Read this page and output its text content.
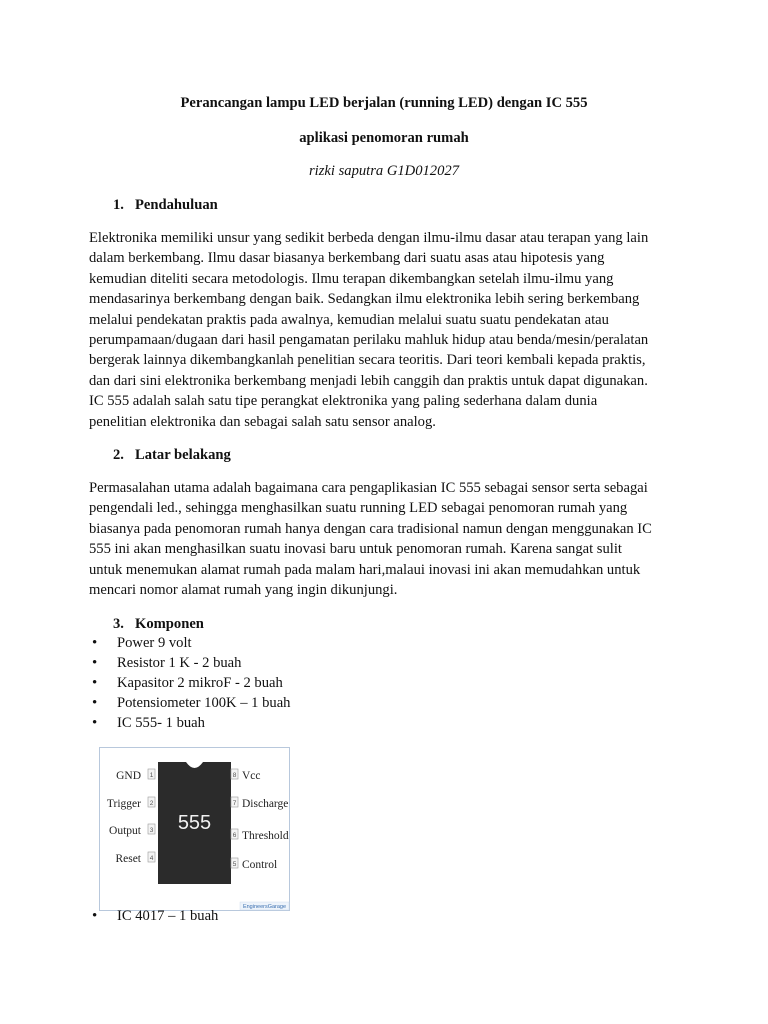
Perancangan lampu LED berjalan (running LED) dengan IC 555
aplikasi penomoran rumah
rizki saputra G1D012027
1. Pendahuluan
Elektronika memiliki unsur yang sedikit berbeda dengan ilmu-ilmu dasar atau terapan yang lain
dalam berkembang. Ilmu dasar biasanya berkembang dari suatu asas atau hipotesis yang
kemudian diteliti secara metodologis. Ilmu terapan dikembangkan setelah ilmu-ilmu yang
mendasarinya berkembang dengan baik. Sedangkan ilmu elektronika lebih sering berkembang
melalui pendekatan praktis pada awalnya, kemudian melalui suatu suatu pendekatan atau
perumpamaan/dugaan dari hasil pengamatan perilaku mahluk hidup atau benda/mesin/peralatan
bergerak lainnya dikembangkanlah penelitian secara teoritis. Dari teori kembali kepada praktis,
dan dari sini elektronika berkembang menjadi lebih canggih dan praktis untuk dapat digunakan.
IC 555 adalah salah satu tipe perangkat elektronika yang paling sederhana dalam dunia
penelitian elektronika dan sebagai salah satu sensor analog.
2. Latar belakang
Permasalahan utama adalah bagaimana cara pengaplikasian IC 555 sebagai sensor serta sebagai
pengendali led., sehingga menghasilkan suatu running LED sebagai penomoran rumah yang
biasanya pada penomoran rumah hanya dengan cara tradisional namun dengan menggunakan IC
555 ini akan menghasilkan suatu inovasi baru untuk penomoran rumah. Karena sangat sulit
untuk menemukan alamat rumah pada malam hari,malaui inovasi ini akan memudahkan untuk
mencari nomor alamat rumah yang ingin dikunjungi.
3. Komponen
• Power 9 volt
• Resistor 1 K - 2 buah
• Kapasitor 2 mikroF - 2 buah
• Potensiometer 100K – 1 buah
• IC 555- 1 buah
555
1
GND
2
Trigger
3
Output
4
Reset
8 Vcc
7 Discharge
6 Threshold
5 Control
EngineersGarage
• IC 4017 – 1 buah
